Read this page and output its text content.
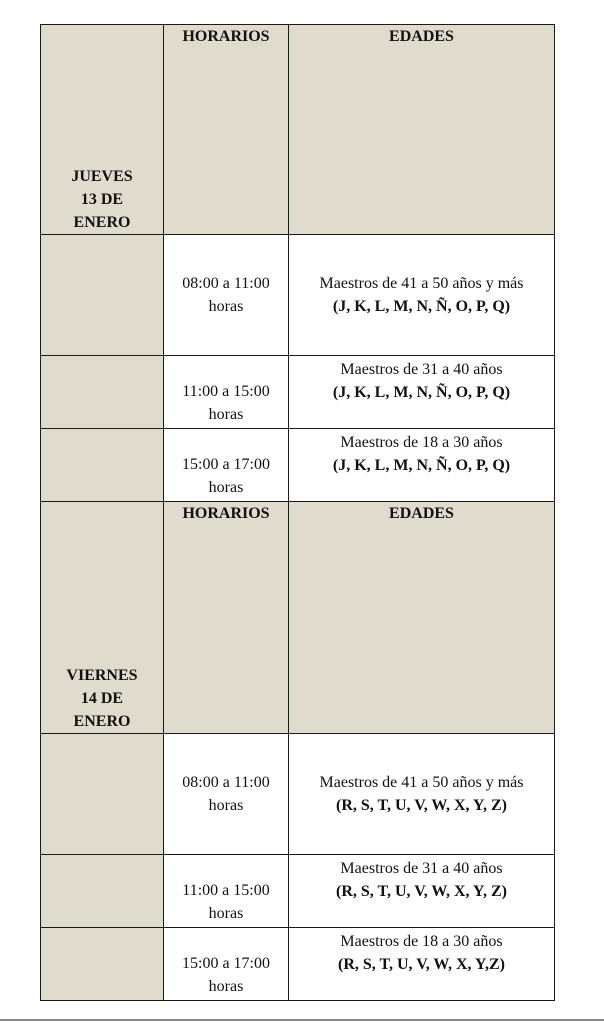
JUEVES 13 DE ENERO	HORARIOS	EDADES

	08:00 a 11:00 horas	Maestros de 41 a 50 años y más
(J, K, L, M, N, Ñ, O, P, Q)

	11:00 a 15:00 horas	Maestros de 31 a 40 años
(J, K, L, M, N, Ñ, O, P, Q)

	15:00 a 17:00 horas	Maestros de 18 a 30 años
(J, K, L, M, N, Ñ, O, P, Q)

VIERNES 14 DE ENERO	HORARIOS	EDADES

	08:00 a 11:00 horas	Maestros de 41 a 50 años y más
(R, S, T, U, V, W, X, Y, Z)

	11:00 a 15:00 horas	Maestros de 31 a 40 años
(R, S, T, U, V, W, X, Y, Z)

	15:00 a 17:00 horas	Maestros de 18 a 30 años
(R, S, T, U, V, W, X, Y,Z)
